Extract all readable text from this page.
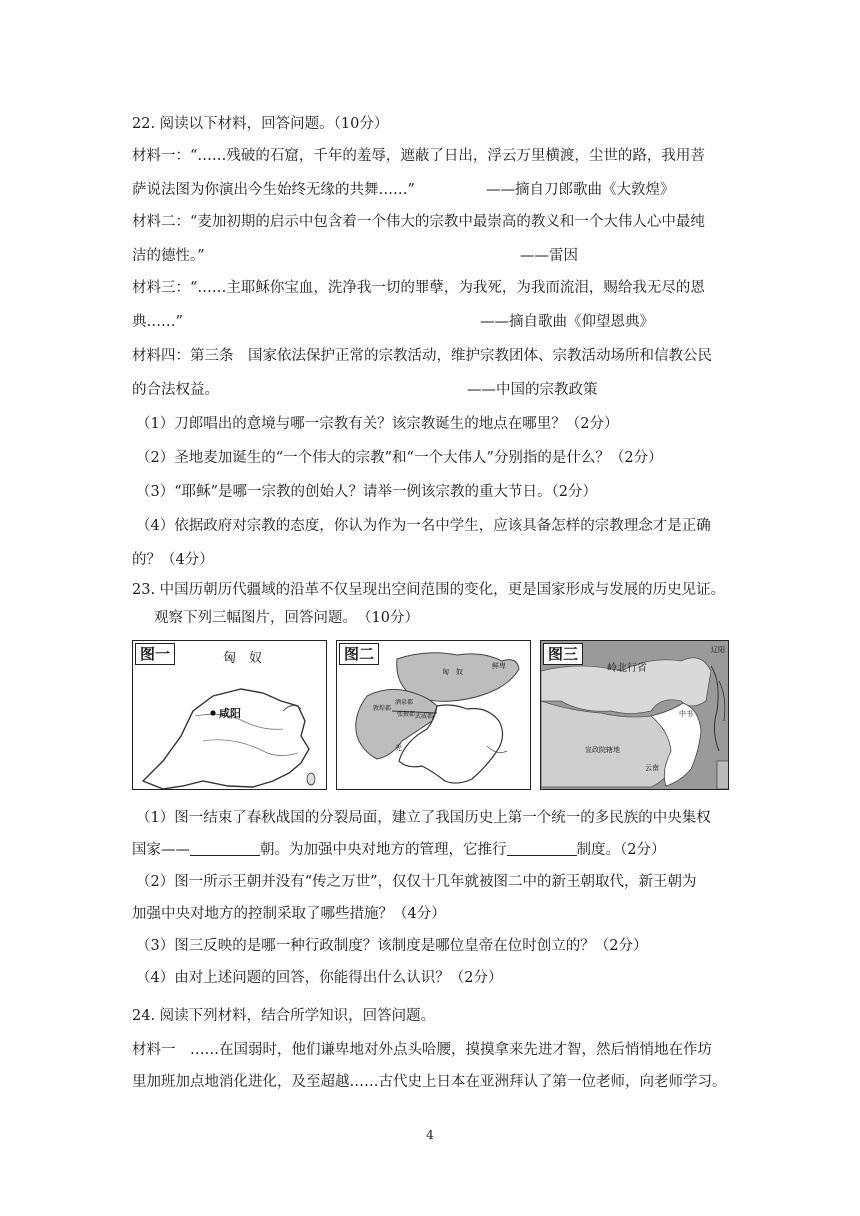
22. 阅读以下材料，回答问题。（10分）
材料一：“……残破的石窟，千年的羞辱，遮蔽了日出，浮云万里横渡，尘世的路，我用菩
萨说法图为你演出今生始终无缘的共舞……”	——摘自刀郎歌曲《大敦煌》
材料二：“麦加初期的启示中包含着一个伟大的宗教中最崇高的教义和一个大伟人心中最纯
洁的德性。”	——雷因
材料三：“……主耶稣你宝血，洗净我一切的罪孽，为我死，为我而流泪，赐给我无尽的恩
典……”	——摘自歌曲《仰望恩典》
材料四：第三条　国家依法保护正常的宗教活动，维护宗教团体、宗教活动场所和信教公民
的合法权益。	——中国的宗教政策
（1）刀郎唱出的意境与哪一宗教有关？该宗教诞生的地点在哪里？（2分）
（2）圣地麦加诞生的“一个伟大的宗教”和“一个大伟人”分别指的是什么？（2分）
（3）“耶稣”是哪一宗教的创始人？请举一例该宗教的重大节日。（2分）
（4）依据政府对宗教的态度，你认为作为一名中学生，应该具备怎样的宗教理念才是正确
的？（4分）
23. 中国历朝历代疆域的沿革不仅呈现出空间范围的变化，更是国家形成与发展的历史见证。
观察下列三幅图片，回答问题。　（10分）
图一	匈　奴
咸阳
图二
匈　奴
鲜卑
敦煌郡
酒泉郡
张掖郡 武威郡
羌
图三
岭北行省
辽阳
中书
宣政院辖地
云南
（1）图一结束了春秋战国的分裂局面，建立了我国历史上第一个统一的多民族的中央集权
国家——	朝。为加强中央对地方的管理，它推行	制度。（2分）
（2）图一所示王朝并没有“传之万世”，仅仅十几年就被图二中的新王朝取代，新王朝为
加强中央对地方的控制采取了哪些措施？（4分）
（3）图三反映的是哪一种行政制度？该制度是哪位皇帝在位时创立的？（2分）
（4）由对上述问题的回答，你能得出什么认识？（2分）
24. 阅读下列材料，结合所学知识，回答问题。
材料一　……在国弱时，他们谦卑地对外点头哈腰，摸摸拿来先进才智，然后悄悄地在作坊
里加班加点地消化进化，及至超越……古代史上日本在亚洲拜认了第一位老师，向老师学习。
4
